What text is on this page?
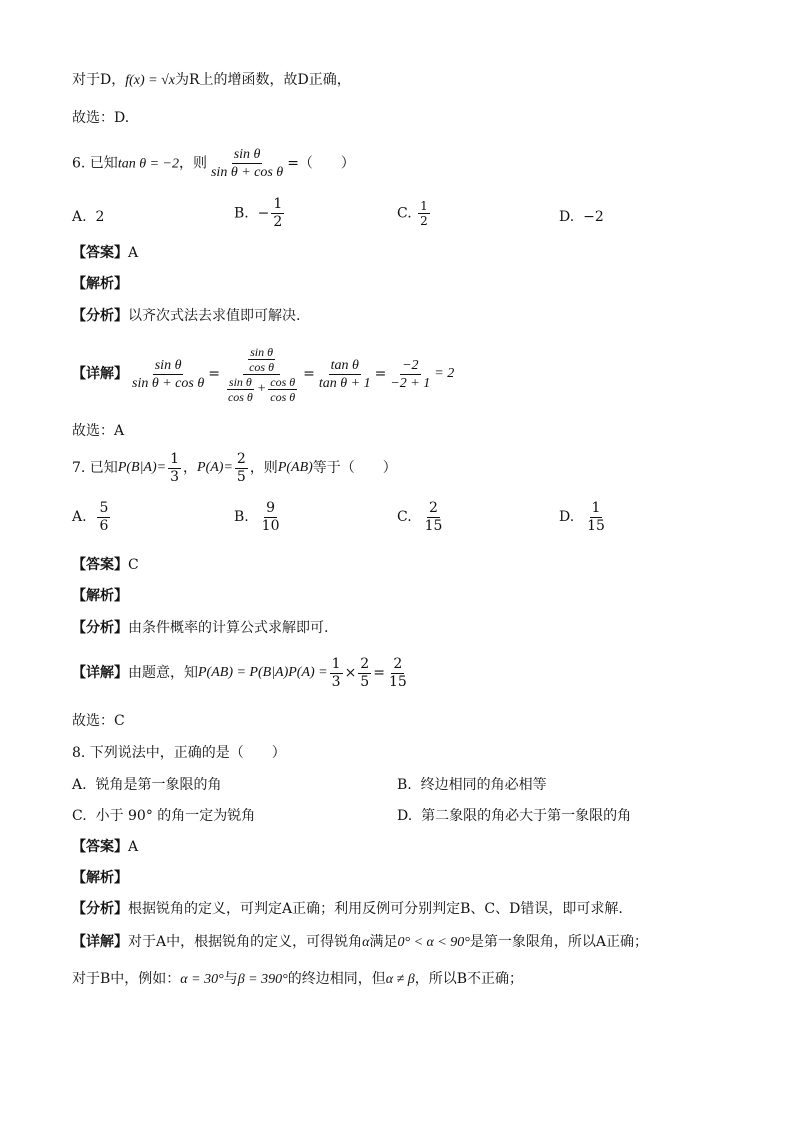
对于D，f(x) = √x为R上的增函数，故D正确，
故选：D.
6. 已知tan θ = −2，则 $\frac{\text{sin θ}}{\text{sin θ + cos θ}}$ =（　　）
A. 2	B. − $\frac{1}{2}$	C. $\frac{1}{2}$	D. −2
【答案】A
【解析】
【分析】以齐次式法去求值即可解决.
【详解】 $\frac{\text{sin θ}}{\text{sin θ + cos θ}} = \frac{\frac{\text{sin θ}}{\text{cos θ}}}{\frac{\text{sin θ}}{\text{cos θ}} + \frac{\text{cos θ}}{\text{cos θ}}} = \frac{\text{tan θ}}{\text{tan θ + 1}} = \frac{-2}{-2 + 1} = 2$
故选：A
7. 已知 $P(B|A)= \frac{1}{3}$ ， $P(A)= \frac{2}{5}$ ，则 P(AB) 等于（　　）
A.
$\frac{5}{6}$	B.
$\frac{9}{10}$	C.
$\frac{2}{15}$	D.
$\frac{1}{15}$
【答案】C
【解析】
【分析】由条件概率的计算公式求解即可.
【详解】 由题意，知 $P(AB) = P(B|A)P(A) = \frac{1}{3} \times \frac{2}{5} = \frac{2}{15}$
故选：C
8. 下列说法中，正确的是（　　）
A. 锐角是第一象限的角	B. 终边相同的角必相等
C. 小于 90° 的角一定为锐角	D. 第二象限的角必大于第一象限的角
【答案】A
【解析】
【分析】根据锐角的定义，可判定A正确；利用反例可分别判定B、C、D错误，即可求解.
【详解】对于A中，根据锐角的定义，可得锐角α满足0° < α < 90°是第一象限角，所以A正确；
对于B中，例如：α = 30°与β = 390°的终边相同，但α ≠ β，所以B不正确；
